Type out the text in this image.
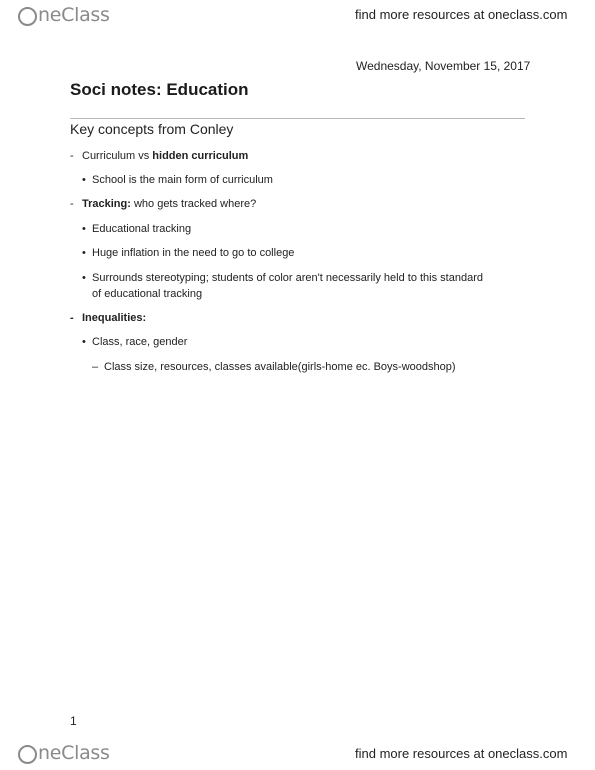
neClass	find more resources at oneclass.com
Wednesday, November 15, 2017
Soci notes: Education
Key concepts from Conley
- Curriculum vs hidden curriculum
• School is the main form of curriculum
- Tracking: who gets tracked where?
• Educational tracking
• Huge inflation in the need to go to college
• Surrounds stereotyping; students of color aren't necessarily held to this standard
of educational tracking
- Inequalities:
• Class, race, gender
– Class size, resources, classes available(girls-home ec. Boys-woodshop)
1
neClass	find more resources at oneclass.com
